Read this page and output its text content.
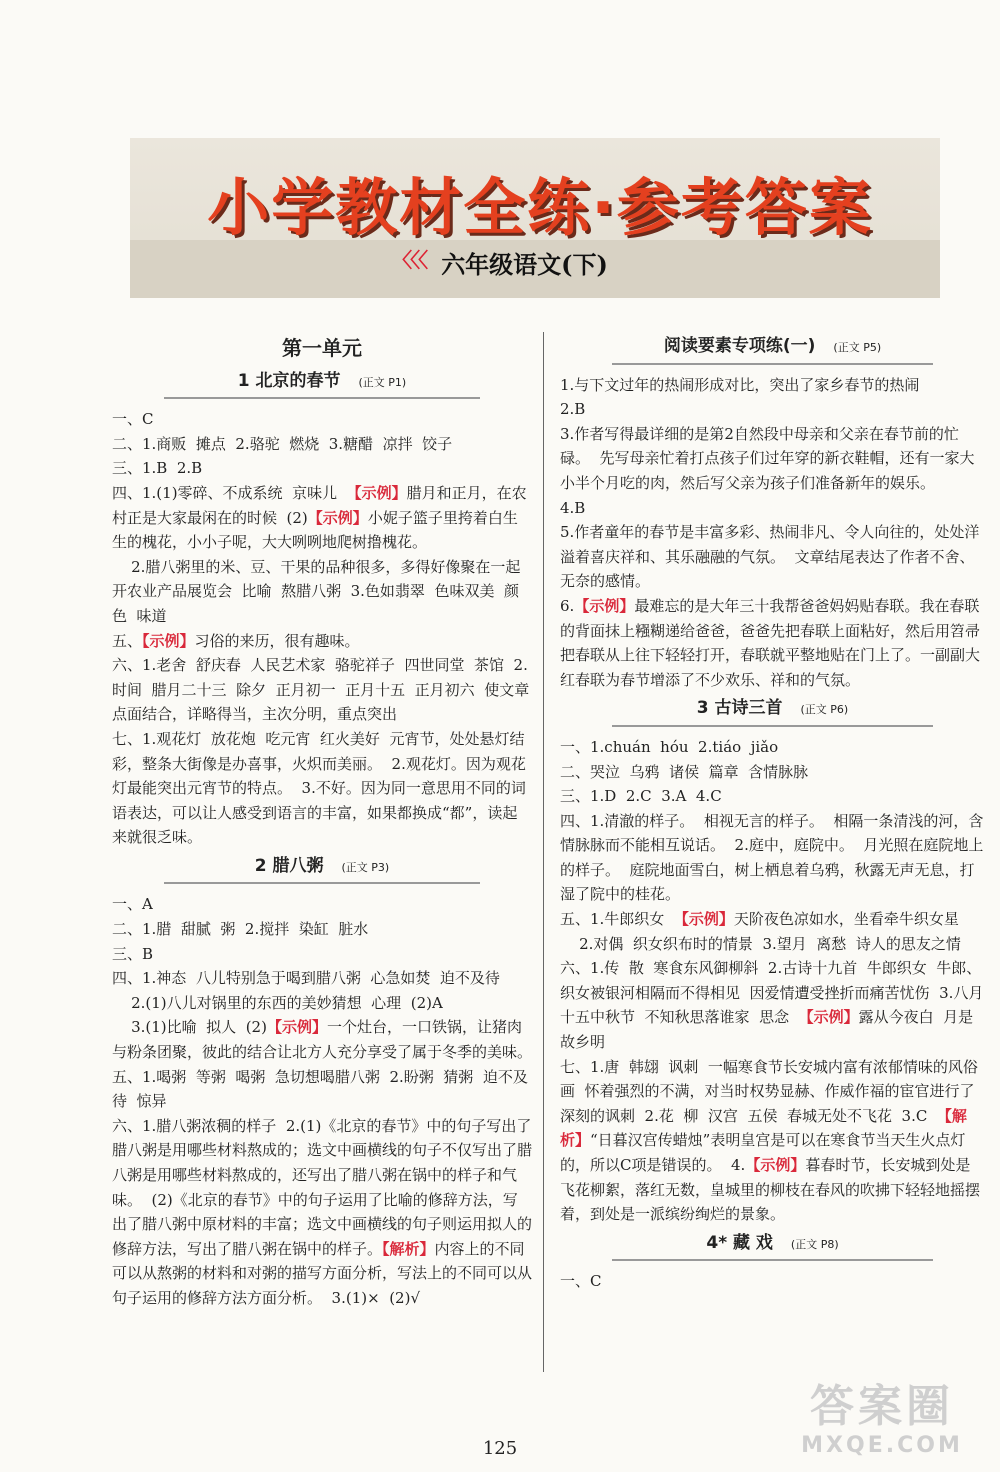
小学教材全练·参考答案
〈〈〈 六年级语文(下)
第一单元
1 北京的春节 (正文 P1)

一、C

二、1.商贩  摊点  2.骆驼  燃烧  3.糖醋  凉拌  饺子

三、1.B  2.B

四、1.(1)零碎、不成系统  京味儿  【示例】腊月和正月，在农村正是大家最闲在的时候  (2)【示例】小妮子篮子里挎着白生生的槐花，小小子呢，大大咧咧地爬树撸槐花。

2.腊八粥里的米、豆、干果的品种很多，多得好像聚在一起开农业产品展览会  比喻  熬腊八粥  3.色如翡翠  色味双美  颜色  味道

五、【示例】习俗的来历，很有趣味。

六、1.老舍  舒庆春  人民艺术家  骆驼祥子  四世同堂  茶馆  2.时间  腊月二十三  除夕  正月初一  正月十五  正月初六  使文章点面结合，详略得当，主次分明，重点突出

七、1.观花灯  放花炮  吃元宵  红火美好  元宵节，处处悬灯结彩，整条大街像是办喜事，火炽而美丽。  2.观花灯。因为观花灯最能突出元宵节的特点。  3.不好。因为同一意思用不同的词语表达，可以让人感受到语言的丰富，如果都换成“都”，读起来就很乏味。

2 腊八粥 (正文 P3)

一、A

二、1.腊  甜腻  粥  2.搅拌  染缸  脏水

三、B

四、1.神态  八儿特别急于喝到腊八粥  心急如焚  迫不及待

2.(1)八儿对锅里的东西的美妙猜想  心理  (2)A

3.(1)比喻  拟人  (2)【示例】一个灶台，一口铁锅，让猪肉与粉条团聚，彼此的结合让北方人充分享受了属于冬季的美味。

五、1.喝粥  等粥  喝粥  急切想喝腊八粥  2.盼粥  猜粥  迫不及待  惊异

六、1.腊八粥浓稠的样子  2.(1)《北京的春节》中的句子写出了腊八粥是用哪些材料熬成的；选文中画横线的句子不仅写出了腊八粥是用哪些材料熬成的，还写出了腊八粥在锅中的样子和气味。  (2)《北京的春节》中的句子运用了比喻的修辞方法，写出了腊八粥中原材料的丰富；选文中画横线的句子则运用拟人的修辞方法，写出了腊八粥在锅中的样子。【解析】内容上的不同可以从熬粥的材料和对粥的描写方面分析，写法上的不同可以从句子运用的修辞方法方面分析。  3.(1)×  (2)√

阅读要素专项练(一) (正文 P5)

1.与下文过年的热闹形成对比，突出了家乡春节的热闹

2.B

3.作者写得最详细的是第2自然段中母亲和父亲在春节前的忙碌。  先写母亲忙着打点孩子们过年穿的新衣鞋帽，还有一家大小半个月吃的肉，然后写父亲为孩子们准备新年的娱乐。

4.B

5.作者童年的春节是丰富多彩、热闹非凡、令人向往的，处处洋溢着喜庆祥和、其乐融融的气氛。  文章结尾表达了作者不舍、无奈的感情。

6.【示例】最难忘的是大年三十我帮爸爸妈妈贴春联。我在春联的背面抹上糨糊递给爸爸，爸爸先把春联上面粘好，然后用笤帚把春联从上往下轻轻打开，春联就平整地贴在门上了。一副副大红春联为春节增添了不少欢乐、祥和的气氛。

3 古诗三首 (正文 P6)

一、1.chuán  hóu  2.tiáo  jiǎo

二、哭泣  乌鸦  诸侯  篇章  含情脉脉

三、1.D  2.C  3.A  4.C

四、1.清澈的样子。  相视无言的样子。  相隔一条清浅的河，含情脉脉而不能相互说话。  2.庭中，庭院中。  月光照在庭院地上的样子。  庭院地面雪白，树上栖息着乌鸦，秋露无声无息，打湿了院中的桂花。

五、1.牛郎织女  【示例】天阶夜色凉如水，坐看牵牛织女星

2.对偶  织女织布时的情景  3.望月  离愁  诗人的思友之情

六、1.传  散  寒食东风御柳斜  2.古诗十九首  牛郎织女  牛郎、织女被银河相隔而不得相见  因爱情遭受挫折而痛苦忧伤  3.八月十五中秋节  不知秋思落谁家  思念  【示例】露从今夜白  月是故乡明

七、1.唐  韩翃  讽刺  一幅寒食节长安城内富有浓郁情味的风俗画  怀着强烈的不满，对当时权势显赫、作威作福的宦官进行了深刻的讽刺  2.花  柳  汉宫  五侯  春城无处不飞花  3.C  【解析】“日暮汉宫传蜡烛”表明皇宫是可以在寒食节当天生火点灯的，所以C项是错误的。  4.【示例】暮春时节，长安城到处是飞花柳絮，落红无数，皇城里的柳枝在春风的吹拂下轻轻地摇摆着，到处是一派缤纷绚烂的景象。

4* 藏 戏 (正文 P8)

一、C

125
答案圈
MXQE.COM
